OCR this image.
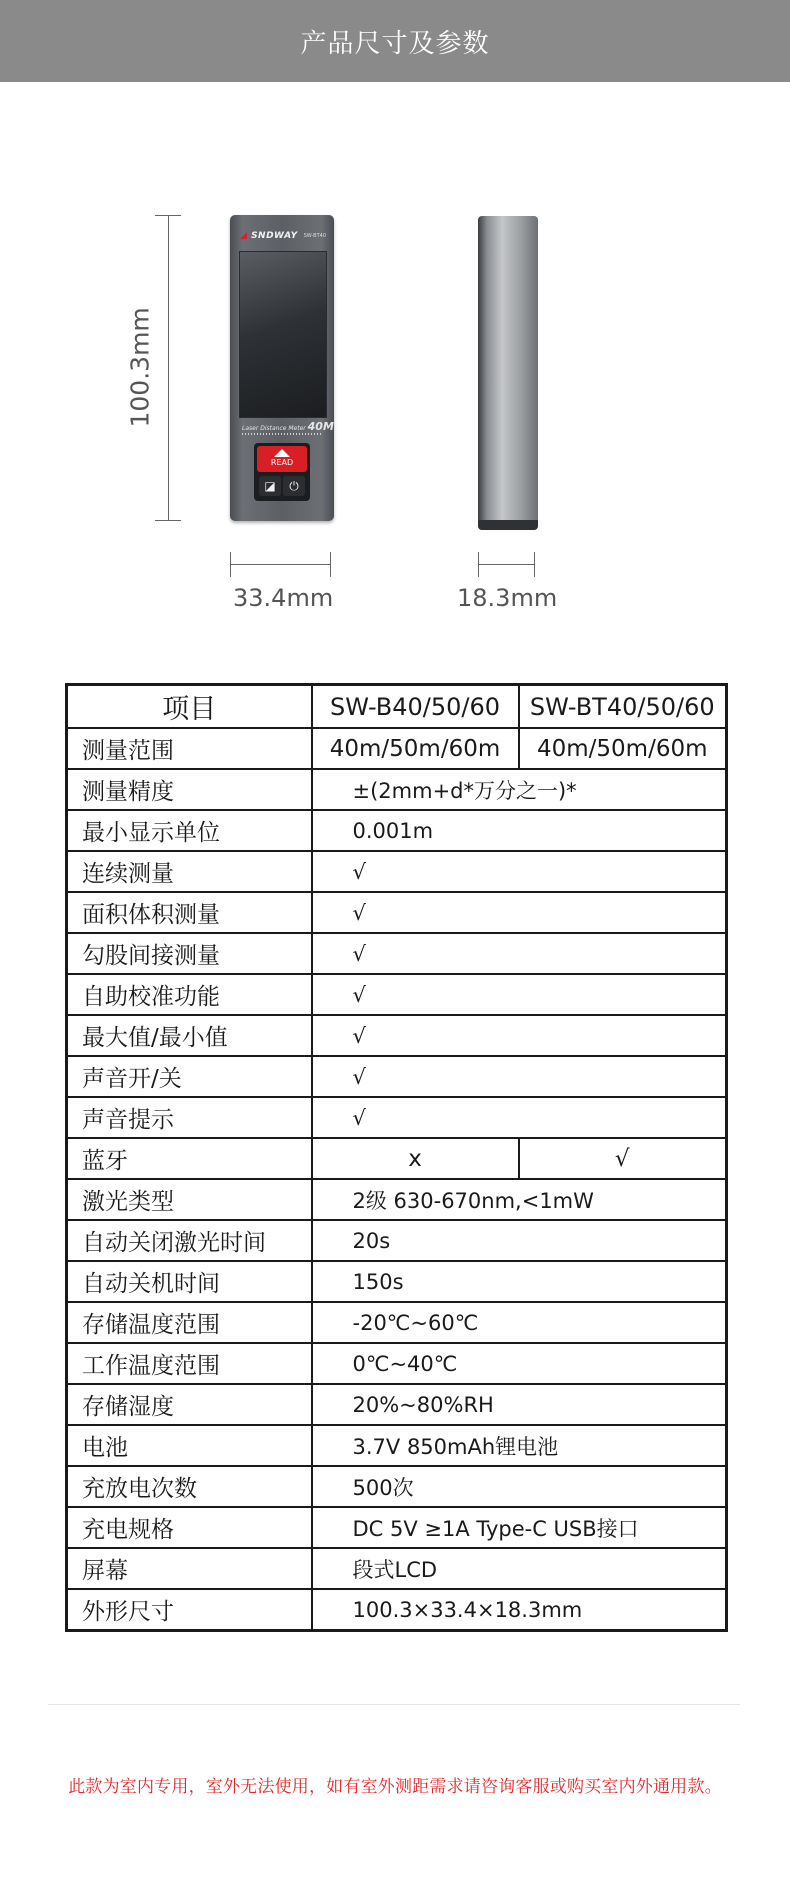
产品尺寸及参数
100.3mm
◢ SNDWAY SW-BT40
Laser Distance Meter 40M
READ
◪	⏻
33.4mm	18.3mm
项目	SW-B40/50/60	SW-BT40/50/60
测量范围	40m/50m/60m	40m/50m/60m
测量精度	±(2mm+d*万分之一)*	
最小显示单位	0.001m	
连续测量	√	
面积体积测量	√	
勾股间接测量	√	
自助校准功能	√	
最大值/最小值	√	
声音开/关	√	
声音提示	√	
蓝牙	x	√
激光类型	2级 630-670nm,<1mW	
自动关闭激光时间	20s	
自动关机时间	150s	
存储温度范围	-20℃~60℃	
工作温度范围	0℃~40℃	
存储湿度	20%~80%RH	
电池	3.7V 850mAh锂电池	
充放电次数	500次	
充电规格	DC 5V ≥1A Type-C USB接口	
屏幕	段式LCD	
外形尺寸	100.3×33.4×18.3mm	
此款为室内专用，室外无法使用，如有室外测距需求请咨询客服或购买室内外通用款。
